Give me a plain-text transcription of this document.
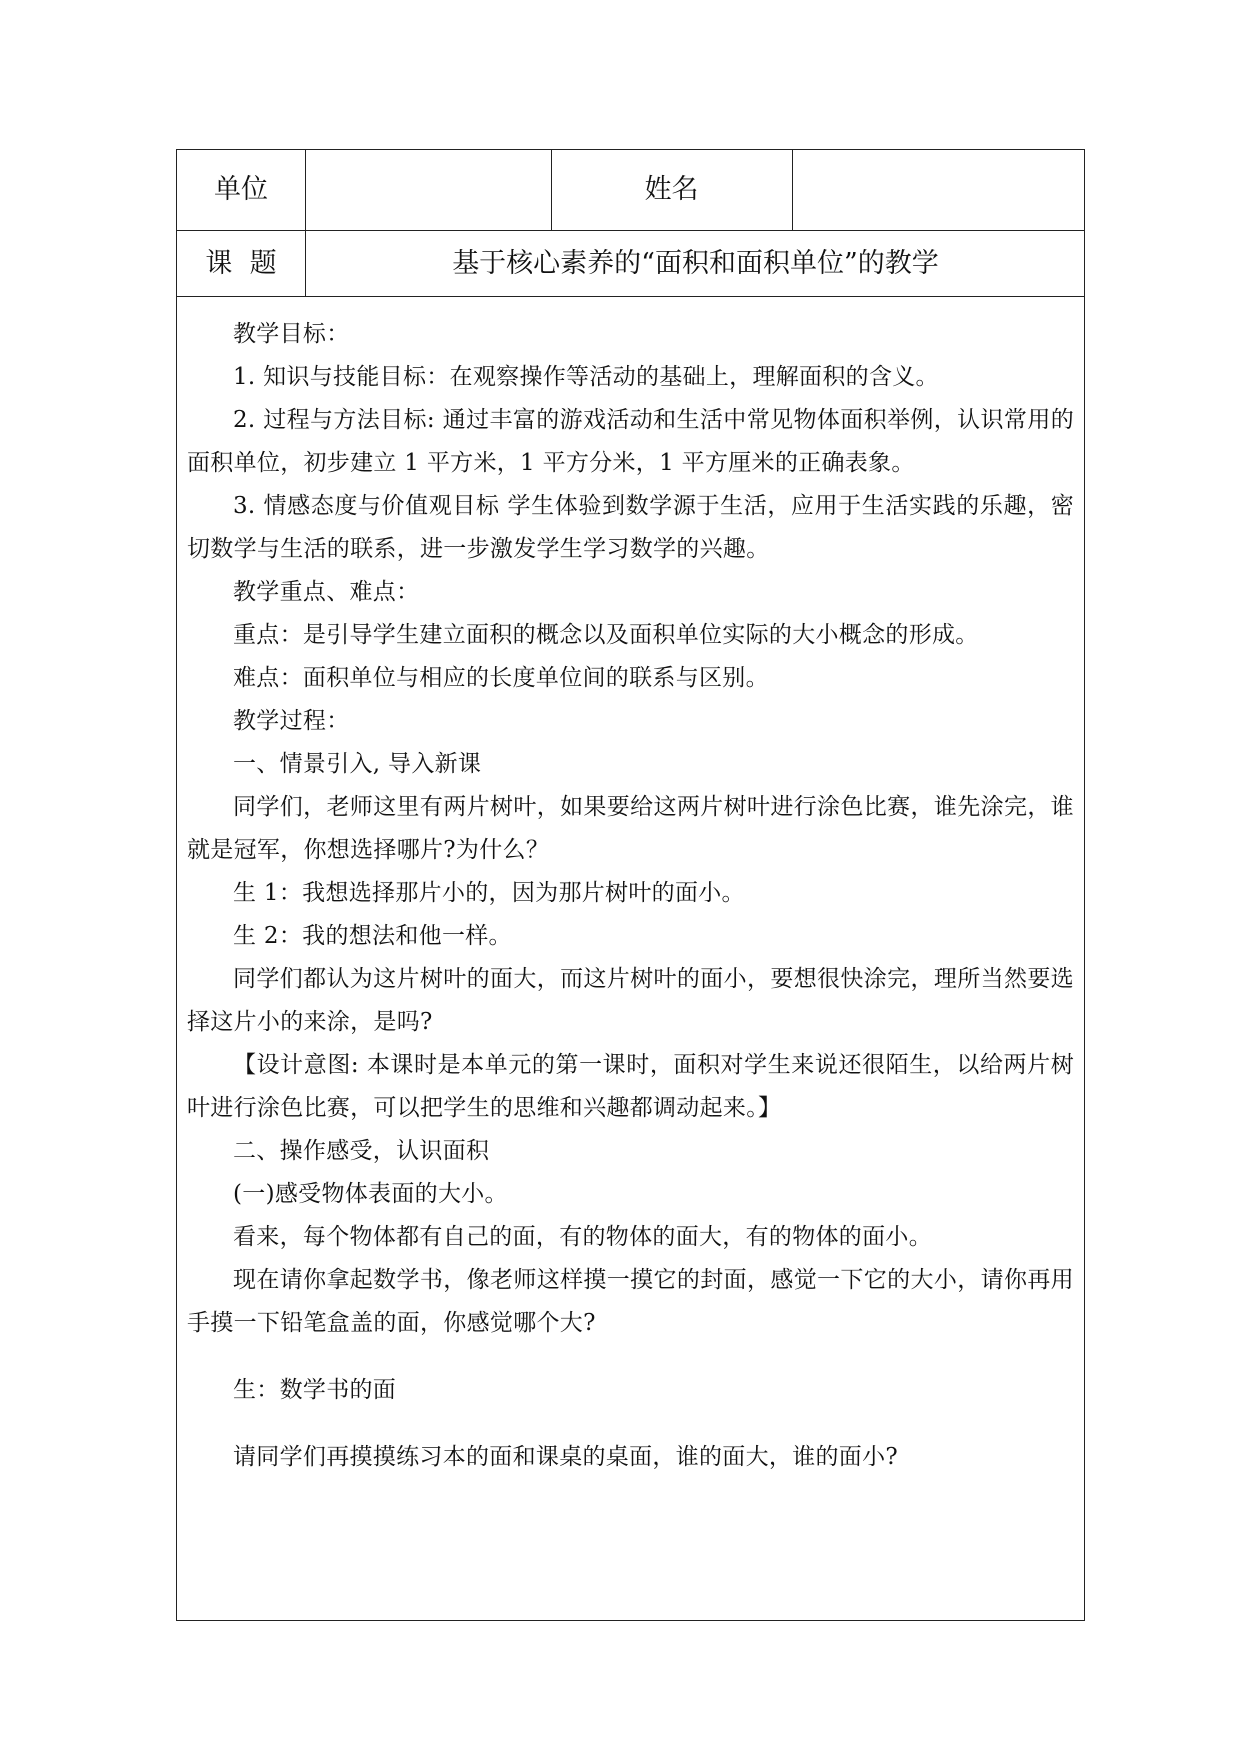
单位	姓名
课  题	基于核心素养的“面积和面积单位”的教学

教学目标：

1. 知识与技能目标：在观察操作等活动的基础上，理解面积的含义。

2. 过程与方法目标: 通过丰富的游戏活动和生活中常见物体面积举例，认识常用的面积单位，初步建立 1 平方米，1 平方分米，1 平方厘米的正确表象。

3. 情感态度与价值观目标 学生体验到数学源于生活，应用于生活实践的乐趣，密切数学与生活的联系，进一步激发学生学习数学的兴趣。

教学重点、难点：

重点：是引导学生建立面积的概念以及面积单位实际的大小概念的形成。

难点：面积单位与相应的长度单位间的联系与区别。

教学过程：

一、情景引入, 导入新课

同学们，老师这里有两片树叶，如果要给这两片树叶进行涂色比赛，谁先涂完，谁就是冠军，你想选择哪片?为什么？

生 1：我想选择那片小的，因为那片树叶的面小。

生 2：我的想法和他一样。

同学们都认为这片树叶的面大，而这片树叶的面小，要想很快涂完，理所当然要选择这片小的来涂，是吗?

【设计意图: 本课时是本单元的第一课时，面积对学生来说还很陌生，以给两片树叶进行涂色比赛，可以把学生的思维和兴趣都调动起来。】

二、操作感受，认识面积

(一)感受物体表面的大小。

看来，每个物体都有自己的面，有的物体的面大，有的物体的面小。

现在请你拿起数学书，像老师这样摸一摸它的封面，感觉一下它的大小，请你再用手摸一下铅笔盒盖的面，你感觉哪个大?

生：数学书的面

请同学们再摸摸练习本的面和课桌的桌面，谁的面大，谁的面小?
